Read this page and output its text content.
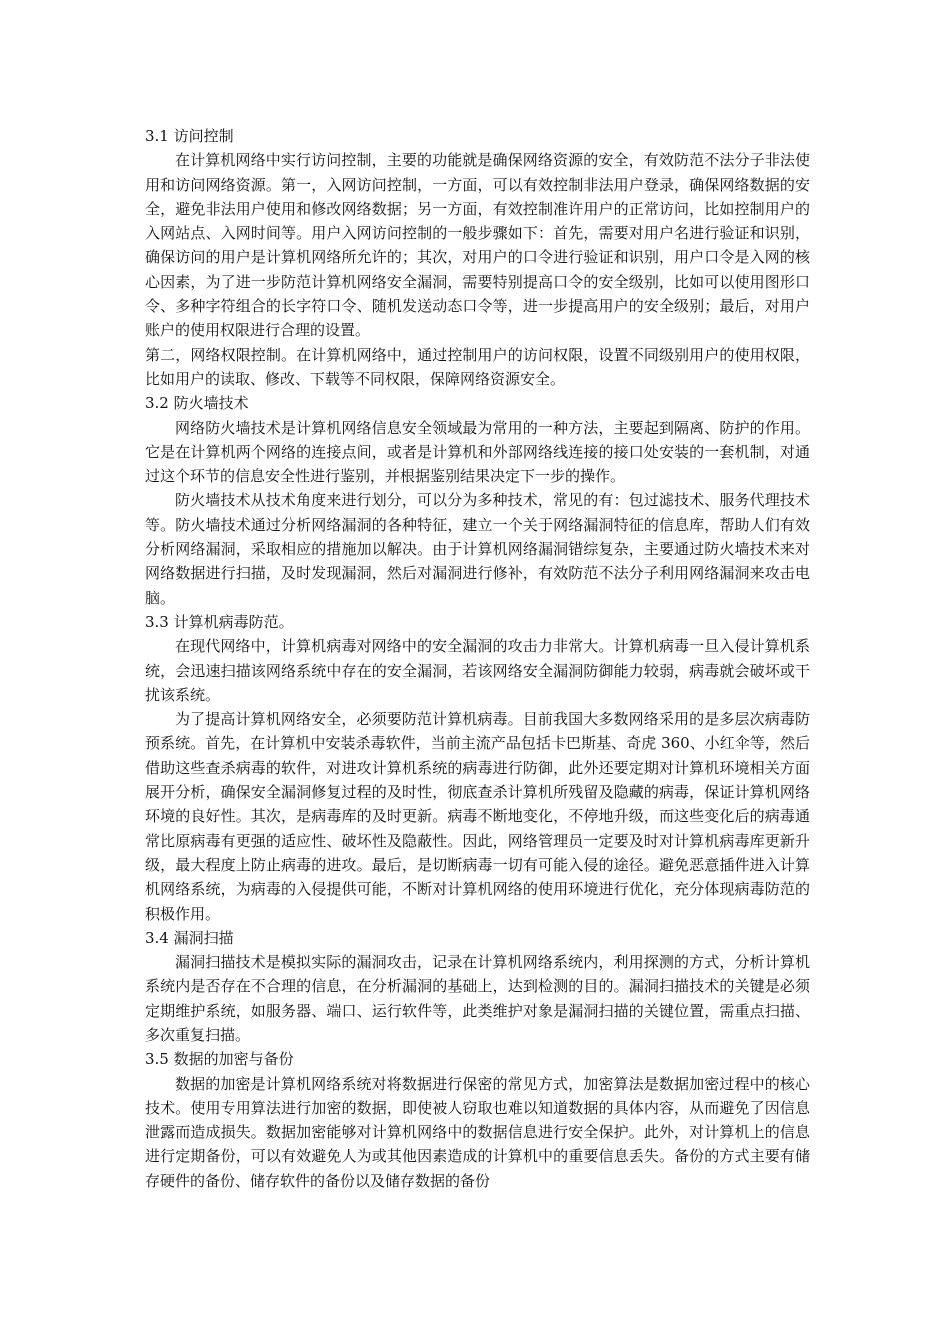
3.1 访问控制

在计算机网络中实行访问控制，主要的功能就是确保网络资源的安全，有效防范不法分子非法使用和访问网络资源。第一，入网访问控制，一方面，可以有效控制非法用户登录，确保网络数据的安全，避免非法用户使用和修改网络数据；另一方面，有效控制准许用户的正常访问，比如控制用户的入网站点、入网时间等。用户入网访问控制的一般步骤如下：首先，需要对用户名进行验证和识别，确保访问的用户是计算机网络所允许的；其次，对用户的口令进行验证和识别，用户口令是入网的核心因素，为了进一步防范计算机网络安全漏洞，需要特别提高口令的安全级别，比如可以使用图形口令、多种字符组合的长字符口令、随机发送动态口令等，进一步提高用户的安全级别；最后，对用户账户的使用权限进行合理的设置。

第二，网络权限控制。在计算机网络中，通过控制用户的访问权限，设置不同级别用户的使用权限，比如用户的读取、修改、下载等不同权限，保障网络资源安全。

3.2 防火墙技术

网络防火墙技术是计算机网络信息安全领域最为常用的一种方法，主要起到隔离、防护的作用。它是在计算机两个网络的连接点间，或者是计算机和外部网络线连接的接口处安装的一套机制，对通过这个环节的信息安全性进行鉴别，并根据鉴别结果决定下一步的操作。

防火墙技术从技术角度来进行划分，可以分为多种技术，常见的有：包过滤技术、服务代理技术等。防火墙技术通过分析网络漏洞的各种特征，建立一个关于网络漏洞特征的信息库，帮助人们有效分析网络漏洞，采取相应的措施加以解决。由于计算机网络漏洞错综复杂，主要通过防火墙技术来对网络数据进行扫描，及时发现漏洞，然后对漏洞进行修补，有效防范不法分子利用网络漏洞来攻击电脑。

3.3 计算机病毒防范。

在现代网络中，计算机病毒对网络中的安全漏洞的攻击力非常大。计算机病毒一旦入侵计算机系统，会迅速扫描该网络系统中存在的安全漏洞，若该网络安全漏洞防御能力较弱，病毒就会破坏或干扰该系统。

为了提高计算机网络安全，必须要防范计算机病毒。目前我国大多数网络采用的是多层次病毒防预系统。首先，在计算机中安装杀毒软件，当前主流产品包括卡巴斯基、奇虎 360、小红伞等，然后借助这些查杀病毒的软件，对进攻计算机系统的病毒进行防御，此外还要定期对计算机环境相关方面展开分析，确保安全漏洞修复过程的及时性，彻底查杀计算机所残留及隐藏的病毒，保证计算机网络环境的良好性。其次，是病毒库的及时更新。病毒不断地变化，不停地升级，而这些变化后的病毒通常比原病毒有更强的适应性、破坏性及隐蔽性。因此，网络管理员一定要及时对计算机病毒库更新升级，最大程度上防止病毒的进攻。最后，是切断病毒一切有可能入侵的途径。避免恶意插件进入计算机网络系统，为病毒的入侵提供可能，不断对计算机网络的使用环境进行优化，充分体现病毒防范的积极作用。

3.4 漏洞扫描

漏洞扫描技术是模拟实际的漏洞攻击，记录在计算机网络系统内，利用探测的方式，分析计算机系统内是否存在不合理的信息，在分析漏洞的基础上，达到检测的目的。漏洞扫描技术的关键是必须定期维护系统，如服务器、端口、运行软件等，此类维护对象是漏洞扫描的关键位置，需重点扫描、多次重复扫描。

3.5 数据的加密与备份

数据的加密是计算机网络系统对将数据进行保密的常见方式，加密算法是数据加密过程中的核心技术。使用专用算法进行加密的数据，即使被人窃取也难以知道数据的具体内容，从而避免了因信息泄露而造成损失。数据加密能够对计算机网络中的数据信息进行安全保护。此外，对计算机上的信息进行定期备份，可以有效避免人为或其他因素造成的计算机中的重要信息丢失。备份的方式主要有储存硬件的备份、储存软件的备份以及储存数据的备份
